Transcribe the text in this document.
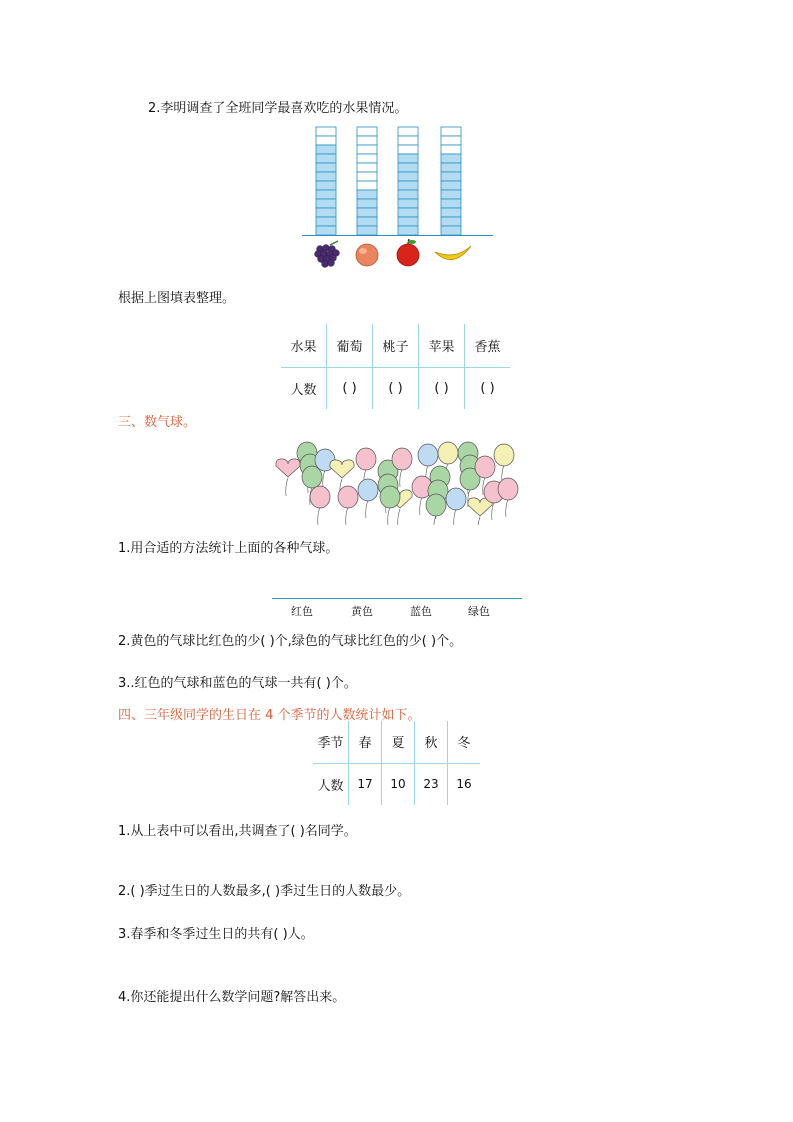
2.李明调查了全班同学最喜欢吃的水果情况。
根据上图填表整理。
水果	葡萄	桃子	苹果	香蕉
人数	( )	( )	( )	( )
三、数气球。
1.用合适的方法统计上面的各种气球。
红色	黄色	蓝色	绿色
2.黄色的气球比红色的少( )个,绿色的气球比红色的少( )个。
3..红色的气球和蓝色的气球一共有( )个。
四、三年级同学的生日在 4 个季节的人数统计如下。
季节	春	夏	秋	冬
人数	17	10	23	16
1.从上表中可以看出,共调查了( )名同学。
2.( )季过生日的人数最多,( )季过生日的人数最少。
3.春季和冬季过生日的共有( )人。
4.你还能提出什么数学问题?解答出来。
